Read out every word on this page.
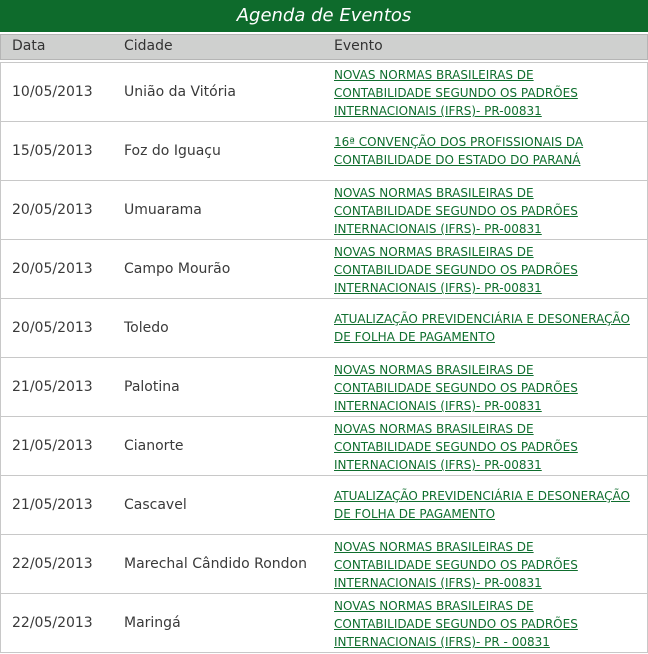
Agenda de Eventos
Data	Cidade	Evento
10/05/2013 União da Vitória
NOVAS NORMAS BRASILEIRAS DE
CONTABILIDADE SEGUNDO OS PADRÕES
INTERNACIONAIS (IFRS)- PR-00831
15/05/2013 Foz do Iguaçu
16ª CONVENÇÃO DOS PROFISSIONAIS DA
CONTABILIDADE DO ESTADO DO PARANÁ
20/05/2013 Umuarama
NOVAS NORMAS BRASILEIRAS DE
CONTABILIDADE SEGUNDO OS PADRÕES
INTERNACIONAIS (IFRS)- PR-00831
20/05/2013 Campo Mourão
NOVAS NORMAS BRASILEIRAS DE
CONTABILIDADE SEGUNDO OS PADRÕES
INTERNACIONAIS (IFRS)- PR-00831
20/05/2013 Toledo
ATUALIZAÇÃO PREVIDENCIÁRIA E DESONERAÇÃO
DE FOLHA DE PAGAMENTO
21/05/2013 Palotina
NOVAS NORMAS BRASILEIRAS DE
CONTABILIDADE SEGUNDO OS PADRÕES
INTERNACIONAIS (IFRS)- PR-00831
21/05/2013 Cianorte
NOVAS NORMAS BRASILEIRAS DE
CONTABILIDADE SEGUNDO OS PADRÕES
INTERNACIONAIS (IFRS)- PR-00831
21/05/2013 Cascavel
ATUALIZAÇÃO PREVIDENCIÁRIA E DESONERAÇÃO
DE FOLHA DE PAGAMENTO
22/05/2013 Marechal Cândido Rondon
NOVAS NORMAS BRASILEIRAS DE
CONTABILIDADE SEGUNDO OS PADRÕES
INTERNACIONAIS (IFRS)- PR-00831
22/05/2013 Maringá
NOVAS NORMAS BRASILEIRAS DE
CONTABILIDADE SEGUNDO OS PADRÕES
INTERNACIONAIS (IFRS)- PR - 00831
